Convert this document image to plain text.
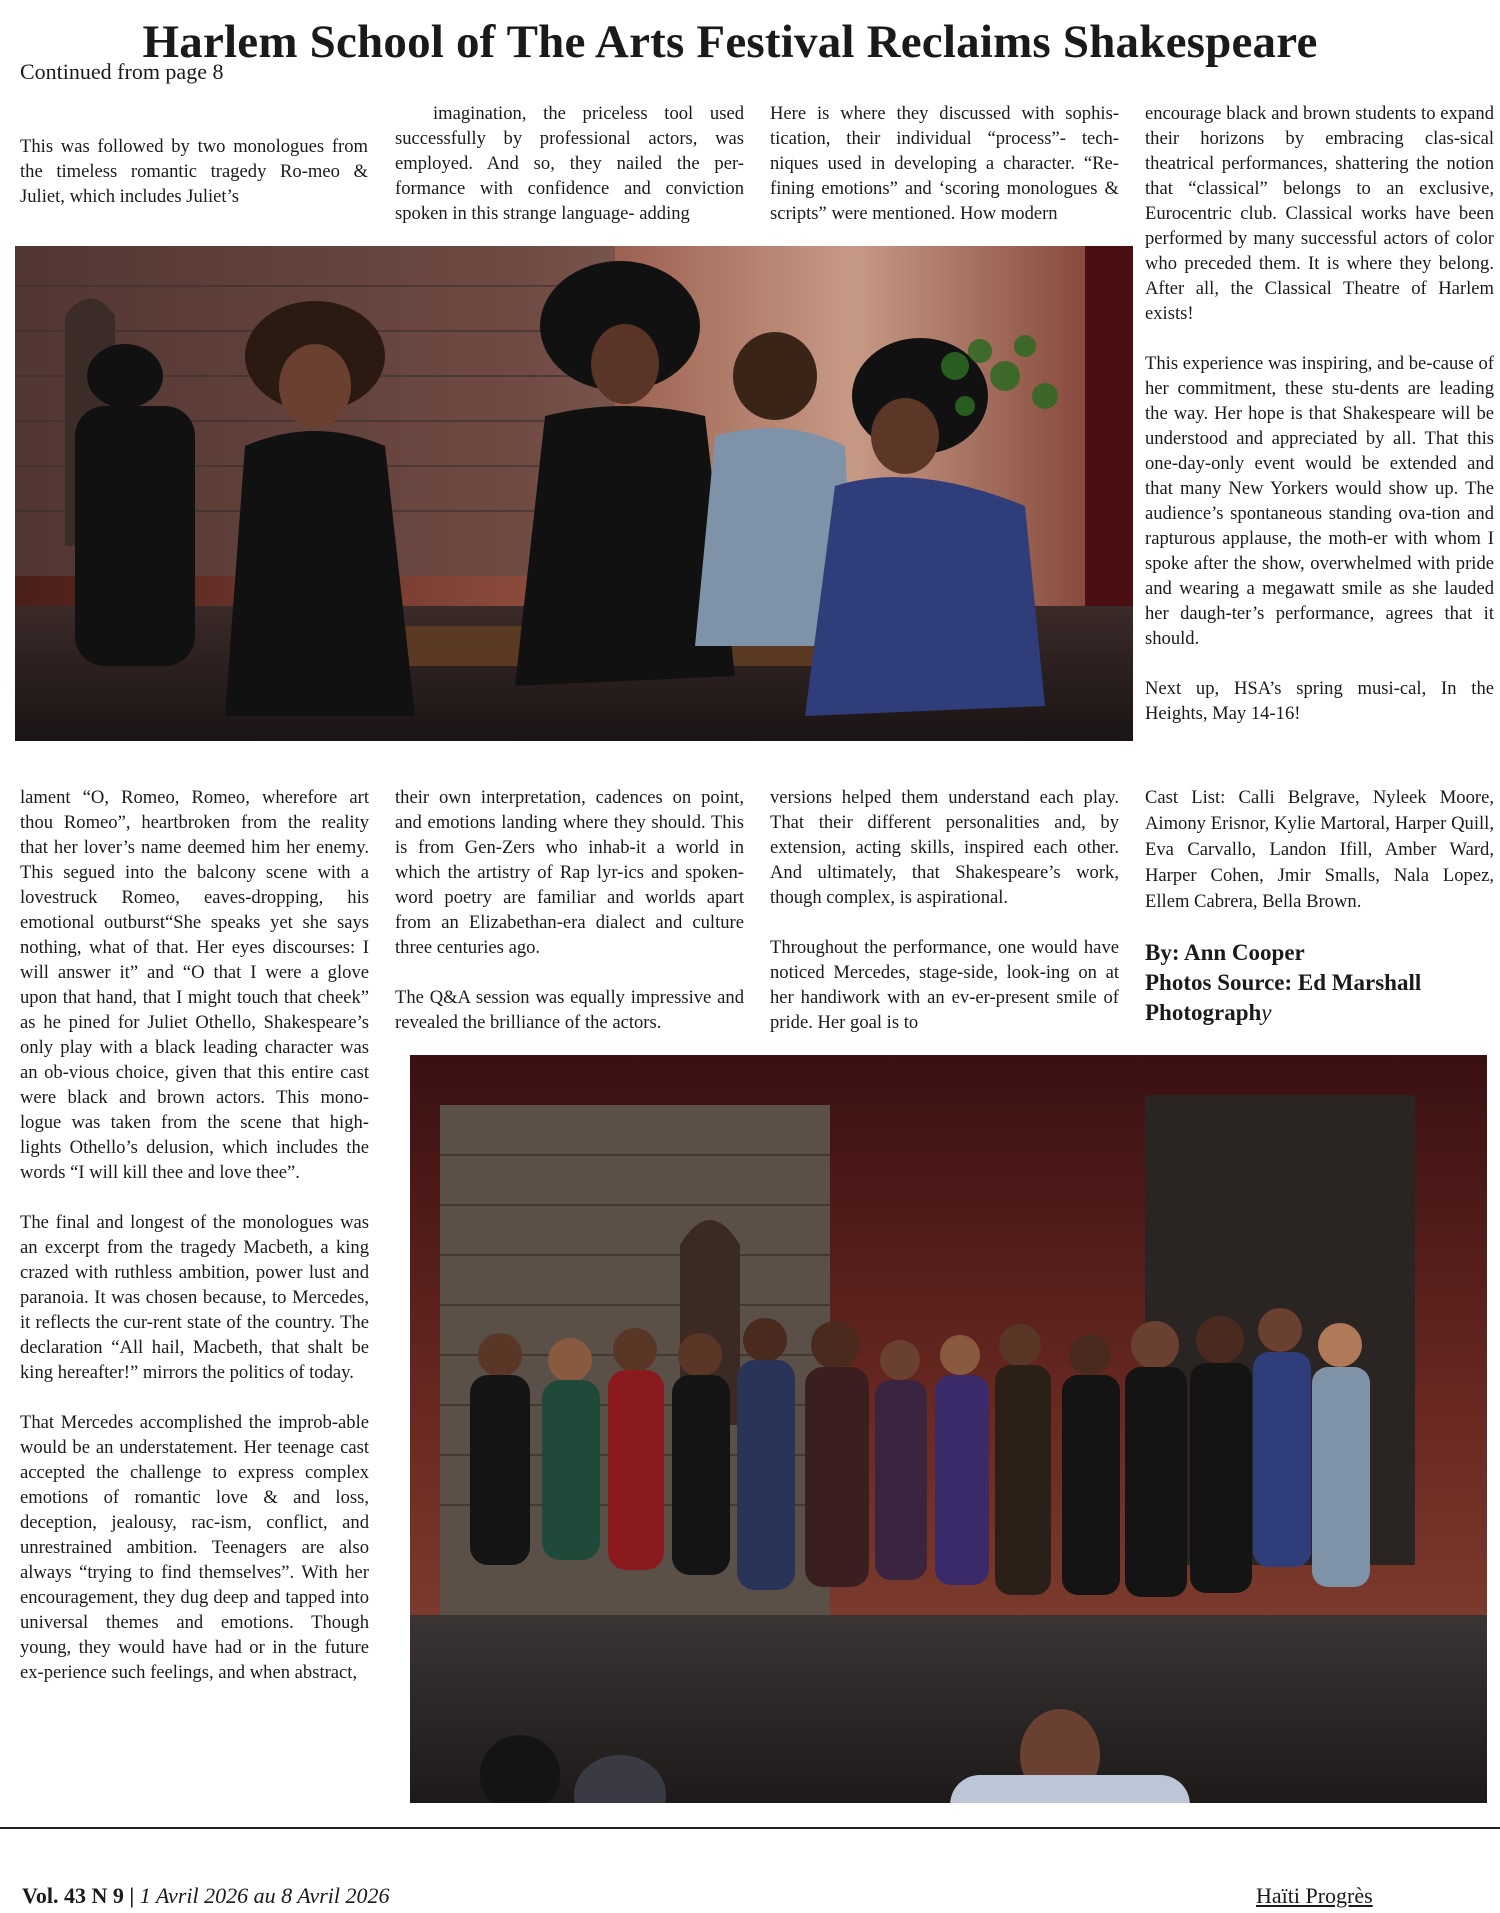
Harlem School of The Arts Festival Reclaims Shakespeare
Continued from page 8

This was followed by two monologues from the timeless romantic tragedy Ro-meo & Juliet, which includes Juliet’s

imagination, the priceless tool used successfully by professional actors, was employed. And so, they nailed the per-formance with confidence and conviction spoken in this strange language- adding

Here is where they discussed with sophis-tication, their individual “process”- tech-niques used in developing a character. “Re-fining emotions” and ‘scoring monologues & scripts” were mentioned. How modern

encourage black and brown students to expand their horizons by embracing clas-sical theatrical performances, shattering the notion that “classical” belongs to an exclusive, Eurocentric club. Classical works have been performed by many successful actors of color who preceded them. It is where they belong. After all, the Classical Theatre of Harlem exists!

This experience was inspiring, and be-cause of her commitment, these stu-dents are leading the way. Her hope is that Shakespeare will be understood and appreciated by all. That this one-day-only event would be extended and that many New Yorkers would show up. The audience’s spontaneous standing ova-tion and rapturous applause, the moth-er with whom I spoke after the show, overwhelmed with pride and wearing a megawatt smile as she lauded her daugh-ter’s performance, agrees that it should.

Next up, HSA’s spring musi-cal, In the Heights, May 14-16!

lament “O, Romeo, Romeo, wherefore art thou Romeo”, heartbroken from the reality that her lover’s name deemed him her enemy. This segued into the balcony scene with a lovestruck Romeo, eaves-dropping, his emotional outburst“She speaks yet she says nothing, what of that. Her eyes discourses: I will answer it” and “O that I were a glove upon that hand, that I might touch that cheek” as he pined for Juliet Othello, Shakespeare’s only play with a black leading character was an ob-vious choice, given that this entire cast were black and brown actors. This mono-logue was taken from the scene that high-lights Othello’s delusion, which includes the words “I will kill thee and love thee”.

The final and longest of the monologues was an excerpt from the tragedy Macbeth, a king crazed with ruthless ambition, power lust and paranoia. It was chosen because, to Mercedes, it reflects the cur-rent state of the country. The declaration “All hail, Macbeth, that shalt be king hereafter!” mirrors the politics of today.

That Mercedes accomplished the improb-able would be an understatement. Her teenage cast accepted the challenge to express complex emotions of romantic love & and loss, deception, jealousy, rac-ism, conflict, and unrestrained ambition. Teenagers are also always “trying to find themselves”. With her encouragement, they dug deep and tapped into universal themes and emotions. Though young, they would have had or in the future ex-perience such feelings, and when abstract,

their own interpretation, cadences on point, and emotions landing where they should. This is from Gen-Zers who inhab-it a world in which the artistry of Rap lyr-ics and spoken-word poetry are familiar and worlds apart from an Elizabethan-era dialect and culture three centuries ago.

The Q&A session was equally impressive and revealed the brilliance of the actors.

versions helped them understand each play. That their different personalities and, by extension, acting skills, inspired each other. And ultimately, that Shakespeare’s work, though complex, is aspirational.

Throughout the performance, one would have noticed Mercedes, stage-side, look-ing on at her handiwork with an ev-er-present smile of pride. Her goal is to

Cast List: Calli Belgrave, Nyleek Moore, Aimony Erisnor, Kylie Martoral, Harper Quill, Eva Carvallo, Landon Ifill, Amber Ward, Harper Cohen, Jmir Smalls, Nala Lopez, Ellem Cabrera, Bella Brown.

By: Ann Cooper
Photos Source: Ed Marshall
Photography
Vol. 43 N 9 | 1 Avril 2026 au 8 Avril 2026	Haïti Progrès
